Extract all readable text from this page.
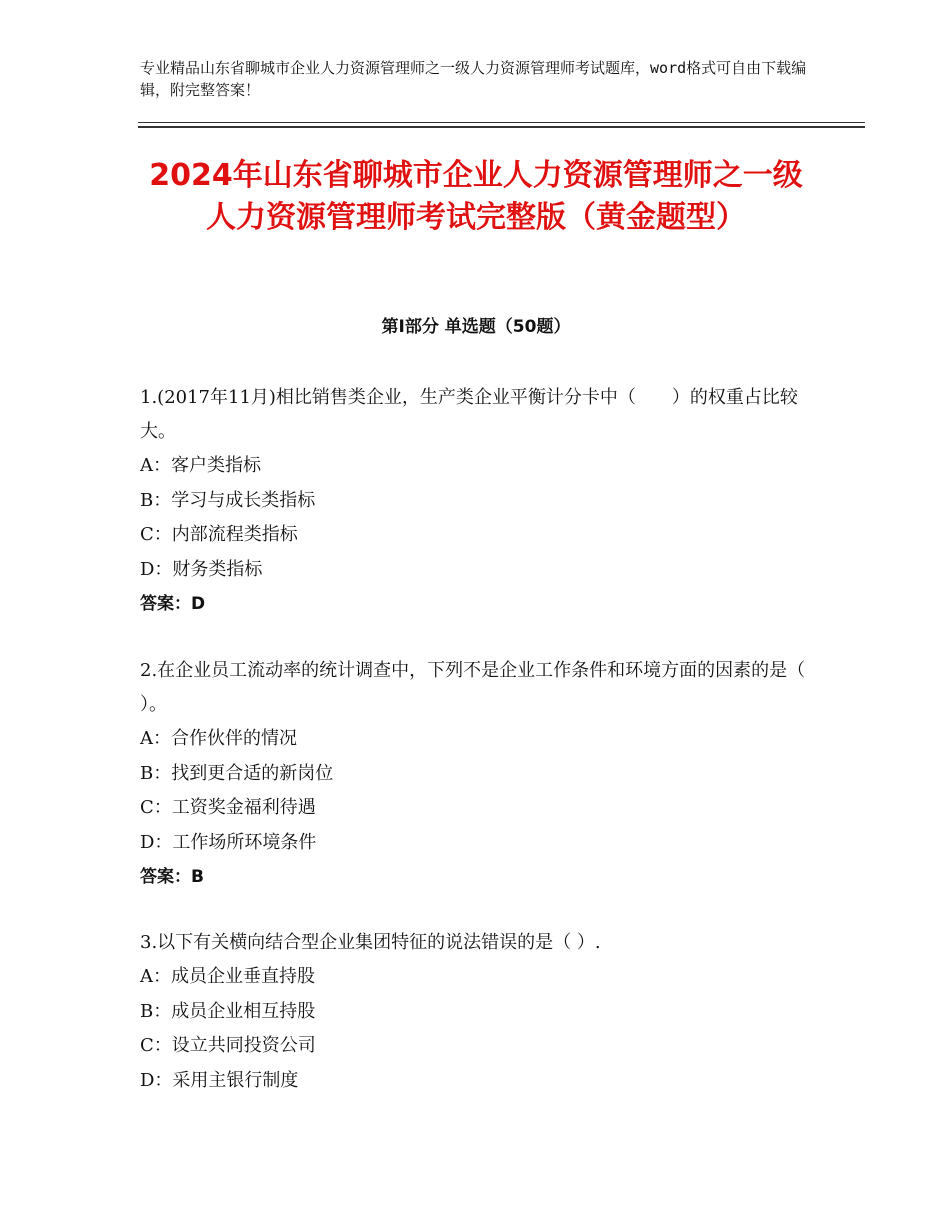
专业精品山东省聊城市企业人力资源管理师之一级人力资源管理师考试题库，word格式可自由下载编辑，附完整答案！
2024年山东省聊城市企业人力资源管理师之一级人力资源管理师考试完整版（黄金题型）
第Ⅰ部分 单选题（50题）
1.(2017年11月)相比销售类企业，生产类企业平衡计分卡中（　　）的权重占比较大。
A：客户类指标
B：学习与成长类指标
C：内部流程类指标
D：财务类指标
答案：D
2.在企业员工流动率的统计调查中，下列不是企业工作条件和环境方面的因素的是（ ）。
A：合作伙伴的情况
B：找到更合适的新岗位
C：工资奖金福利待遇
D：工作场所环境条件
答案：B
3.以下有关横向结合型企业集团特征的说法错误的是（ ）.
A：成员企业垂直持股
B：成员企业相互持股
C：设立共同投资公司
D：采用主银行制度
